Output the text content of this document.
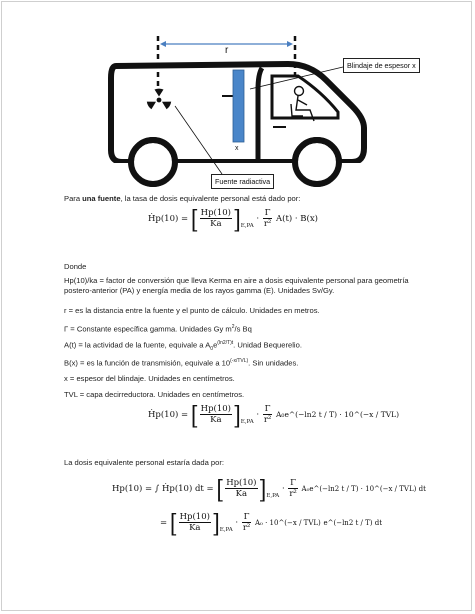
r
x
Blindaje de espesor x
Fuente radiactiva
Para una fuente, la tasa de dosis equivalente personal está dado por:
Ḣp(10) = [ $\frac{Hp(10)}{Ka} ]_{E,PA} \cdot \frac{\Gamma}{\text{r²}} A(t) \cdot B(x)$
Donde
Hp(10)/ka = factor de conversión que lleva Kerma en aire a dosis equivalente personal para geometría postero-anterior (PA) y energía media de los rayos gamma (E). Unidades Sv/Gy.
r = es la distancia entre la fuente y el punto de cálculo. Unidades en metros.
Γ = Constante específica gamma. Unidades Gy $m^2/s$ Bq
A(t) = la actividad de la fuente, equivale a $A_0e^{(ln2/T)t}$. Unidad Bequerelio.
B(x) = es la función de transmisión, equivale a $10^{(-x/TVL)}$. Sin unidades.
x = espesor del blindaje. Unidades en centímetros.
TVL = capa decirreductora. Unidades en centímetros.
Ḣp(10) = [ $\frac{Hp(10)}{Ka} ]_{E,PA} \cdot \frac{\Gamma}{\text{r²}}$ A₀e^(−ln2 t / T) · 10^(−x / TVL)
La dosis equivalente personal estaría dada por:
Hp(10) = ∫ Ḣp(10) dt = [ $\frac{Hp(10)}{Ka} ]_{E,PA} \cdot \frac{\Gamma}{\text{r²}}$ A₀e^(−ln2 t / T) · 10^(−x / TVL) dt
= [ $\frac{Hp(10)}{Ka} ]_{E,PA} \cdot \frac{\Gamma}{\text{r²}} A_0$ · 10^(−x / TVL) e^(−ln2 t / T) dt
